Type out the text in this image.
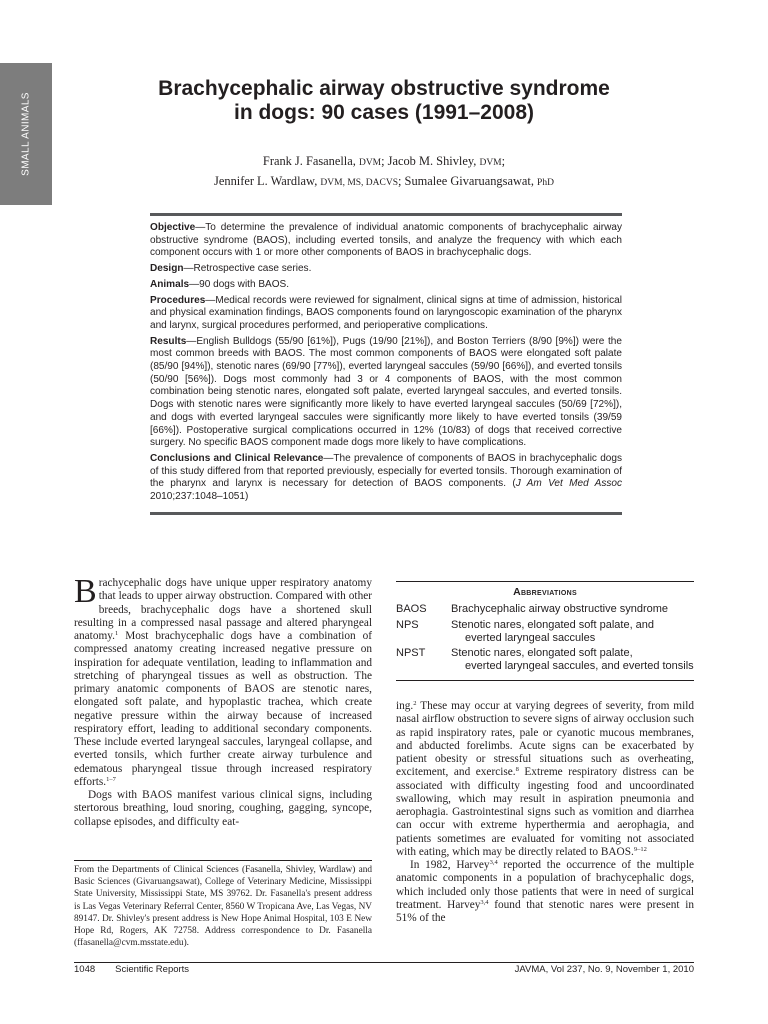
SMALL ANIMALS
Brachycephalic airway obstructive syndrome
in dogs: 90 cases (1991–2008)
Frank J. Fasanella, DVM; Jacob M. Shivley, DVM;
Jennifer L. Wardlaw, DVM, MS, DACVS; Sumalee Givaruangsawat, PhD

Objective—To determine the prevalence of individual anatomic components of brachycephalic airway obstructive syndrome (BAOS), including everted tonsils, and analyze the frequency with which each component occurs with 1 or more other components of BAOS in brachycephalic dogs.

Design—Retrospective case series.

Animals—90 dogs with BAOS.

Procedures—Medical records were reviewed for signalment, clinical signs at time of admission, historical and physical examination findings, BAOS components found on laryngoscopic examination of the pharynx and larynx, surgical procedures performed, and perioperative complications.

Results—English Bulldogs (55/90 [61%]), Pugs (19/90 [21%]), and Boston Terriers (8/90 [9%]) were the most common breeds with BAOS. The most common components of BAOS were elongated soft palate (85/90 [94%]), stenotic nares (69/90 [77%]), everted laryngeal saccules (59/90 [66%]), and everted tonsils (50/90 [56%]). Dogs most commonly had 3 or 4 components of BAOS, with the most common combination being stenotic nares, elongated soft palate, everted laryngeal saccules, and everted tonsils. Dogs with stenotic nares were significantly more likely to have everted laryngeal saccules (50/69 [72%]), and dogs with everted laryngeal saccules were significantly more likely to have everted tonsils (39/59 [66%]). Postoperative surgical complications occurred in 12% (10/83) of dogs that received corrective surgery. No specific BAOS component made dogs more likely to have complications.

Conclusions and Clinical Relevance—The prevalence of components of BAOS in brachycephalic dogs of this study differed from that reported previously, especially for everted tonsils. Thorough examination of the pharynx and larynx is necessary for detection of BAOS components. (J Am Vet Med Assoc 2010;237:1048–1051)

Brachycephalic dogs have unique upper respiratory anatomy that leads to upper airway obstruction. Compared with other breeds, brachycephalic dogs have a shortened skull resulting in a compressed nasal passage and altered pharyngeal anatomy.$^1$ Most brachycephalic dogs have a combination of compressed anatomy creating increased negative pressure on inspiration for adequate ventilation, leading to inflammation and stretching of pharyngeal tissues as well as obstruction. The primary anatomic components of BAOS are stenotic nares, elongated soft palate, and hypoplastic trachea, which create negative pressure within the airway because of increased respiratory effort, leading to additional secondary components. These include everted laryngeal saccules, laryngeal collapse, and everted tonsils, which further create airway turbulence and edematous pharyngeal tissue through increased respiratory efforts.$^{1-7}$

Dogs with BAOS manifest various clinical signs, including stertorous breathing, loud snoring, coughing, gagging, syncope, collapse episodes, and difficulty eat-

From the Departments of Clinical Sciences (Fasanella, Shivley, Wardlaw) and Basic Sciences (Givaruangsawat), College of Veterinary Medicine, Mississippi State University, Mississippi State, MS 39762. Dr. Fasanella's present address is Las Vegas Veterinary Referral Center, 8560 W Tropicana Ave, Las Vegas, NV 89147. Dr. Shivley's present address is New Hope Animal Hospital, 103 E New Hope Rd, Rogers, AK 72758. Address correspondence to Dr. Fasanella (ffasanella@cvm.msstate.edu).

Abbreviations
BAOS	Brachycephalic airway obstructive syndrome
NPS	Stenotic nares, elongated soft palate, and
everted laryngeal saccules
NPST	Stenotic nares, elongated soft palate,
everted laryngeal saccules, and everted tonsils

ing.$^2$ These may occur at varying degrees of severity, from mild nasal airflow obstruction to severe signs of airway occlusion such as rapid inspiratory rates, pale or cyanotic mucous membranes, and abducted forelimbs. Acute signs can be exacerbated by patient obesity or stressful situations such as overheating, excitement, and exercise.$^8$ Extreme respiratory distress can be associated with difficulty ingesting food and uncoordinated swallowing, which may result in aspiration pneumonia and aerophagia. Gastrointestinal signs such as vomition and diarrhea can occur with extreme hyperthermia and aerophagia, and patients sometimes are evaluated for vomiting not associated with eating, which may be directly related to BAOS.$^{9-12}$

In 1982, Harvey$^{3,4}$ reported the occurrence of the multiple anatomic components in a population of brachycephalic dogs, which included only those patients that were in need of surgical treatment. Harvey$^{3,4}$ found that stenotic nares were present in 51% of the

1048 Scientific Reports	JAVMA, Vol 237, No. 9, November 1, 2010
